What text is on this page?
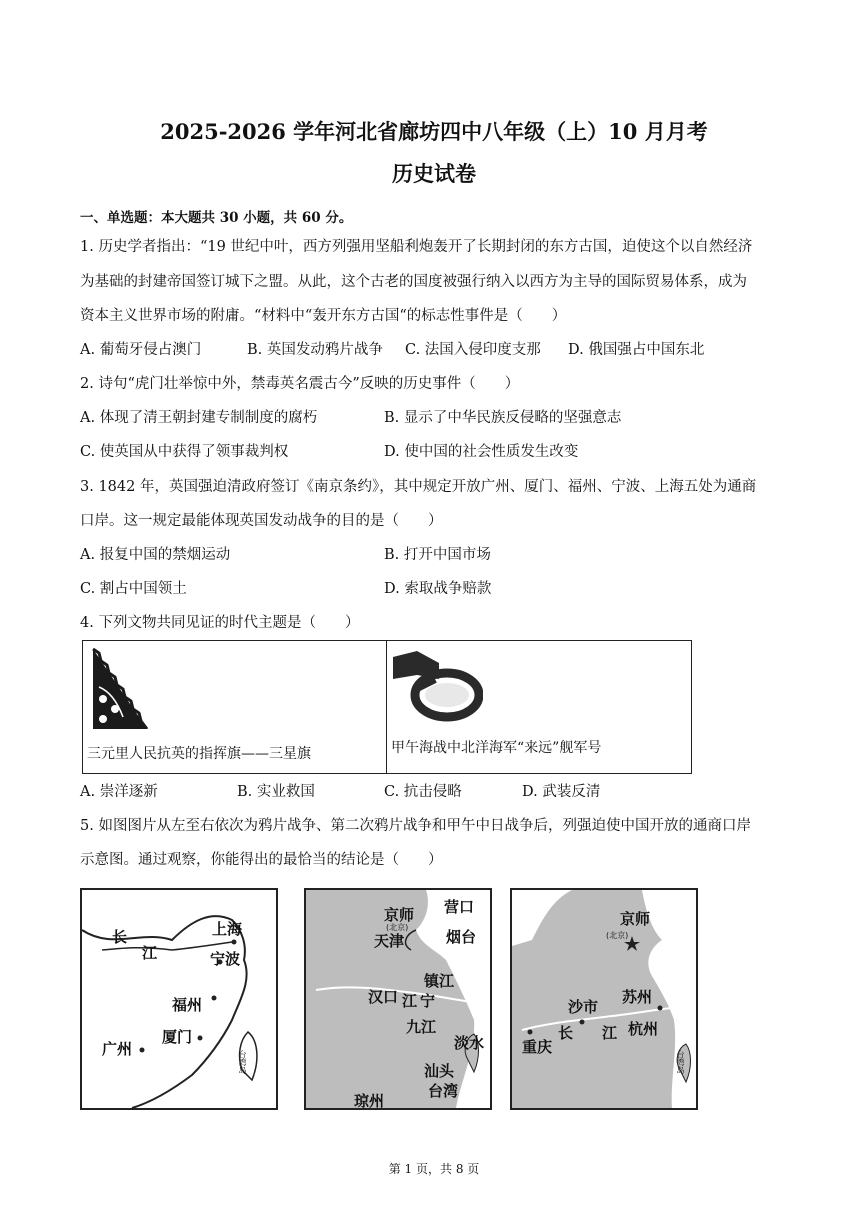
2025-2026 学年河北省廊坊四中八年级（上）10 月月考
历史试卷
一、单选题：本大题共 30 小题，共 60 分。
1. 历史学者指出：“19 世纪中叶，西方列强用坚船利炮轰开了长期封闭的东方古国，迫使这个以自然经济
为基础的封建帝国签订城下之盟。从此，这个古老的国度被强行纳入以西方为主导的国际贸易体系，成为
资本主义世界市场的附庸。“材料中“轰开东方古国“的标志性事件是（　　）
A. 葡萄牙侵占澳门	B. 英国发动鸦片战争 C. 法国入侵印度支那 D. 俄国强占中国东北
2. 诗句“虎门壮举惊中外，禁毒英名震古今”反映的历史事件（　　）
A. 体现了清王朝封建专制制度的腐朽	B. 显示了中华民族反侵略的坚强意志
C. 使英国从中获得了领事裁判权	D. 使中国的社会性质发生改变
3. 1842 年，英国强迫清政府签订《南京条约》，其中规定开放广州、厦门、福州、宁波、上海五处为通商
口岸。这一规定最能体现英国发动战争的目的是（　　）
A. 报复中国的禁烟运动	B. 打开中国市场
C. 割占中国领土	D. 索取战争赔款
4. 下列文物共同见证的时代主题是（　　）
三元里人民抗英的指挥旗——三星旗	甲午海战中北洋海军“来远”舰军号
A. 崇洋逐新	B. 实业救国	C. 抗击侵略	D. 武装反清
5. 如图图片从左至右依次为鸦片战争、第二次鸦片战争和甲午中日战争后，列强迫使中国开放的通商口岸
示意图。通过观察，你能得出的最恰当的结论是（　　）
长
江
上海
宁波
福州
厦门
广州
台湾岛
京师
(北京)
营口
天津	烟台
镇江
汉口 江 宁
九江
淡水
汕头
台湾
琼州
京师
(北京)
沙市
苏州
重庆
长 江 杭州
台湾岛
第 1 页，共 8 页
